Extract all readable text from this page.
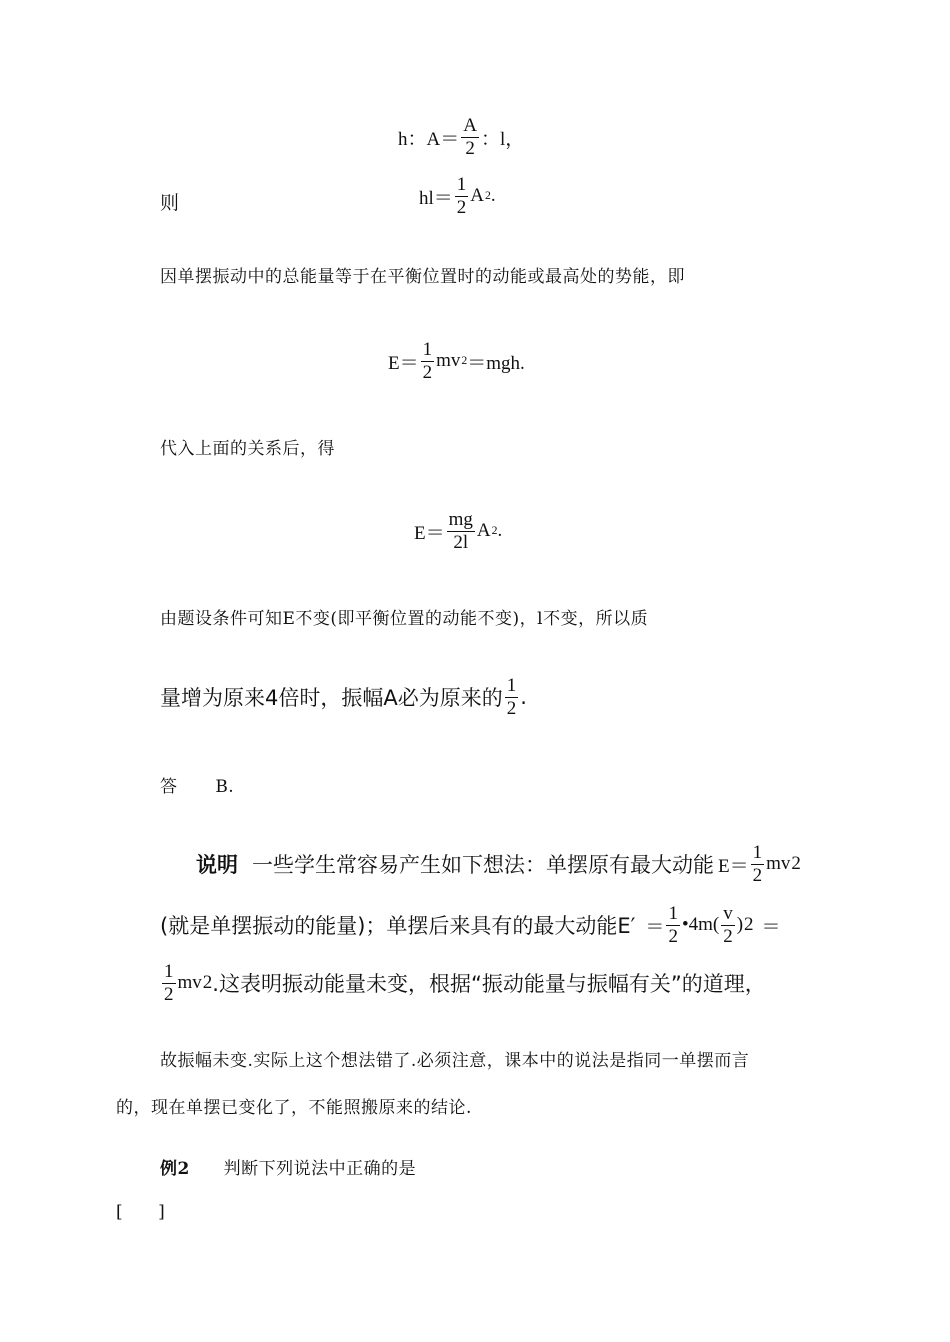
h：$A= \frac{A}{2}$ ：l，
则	$hl= \frac{1}{2}$ A 2 .
因单摆振动中的总能量等于在平衡位置时的动能或最高处的势能，即
$E= \frac{1}{2}$ mv 2 ＝mgh.
代入上面的关系后，得
$E= \frac{mg}{2l}$ A 2 .
由题设条件可知E不变(即平衡位置的动能不变)，l不变，所以质
量增为原来4倍时，振幅A必为原来的 $\frac{1}{2}$ .
答 B.
说明 一些学生常容易产生如下想法：单摆原有最大动能 $E= \frac{1}{2}$ mv 2
(就是单摆振动的能量)；单摆后来具有的最大动能$E' = \frac{1}{2}$ •4m( $\frac{v}{2}$ ) 2 ＝
$\frac{1}{2}$ mv 2 .这表明振动能量未变，根据“振动能量与振幅有关”的道理，
故振幅未变.实际上这个想法错了.必须注意，课本中的说法是指同一单摆而言
的，现在单摆已变化了，不能照搬原来的结论.
例2 判断下列说法中正确的是
[　　]
